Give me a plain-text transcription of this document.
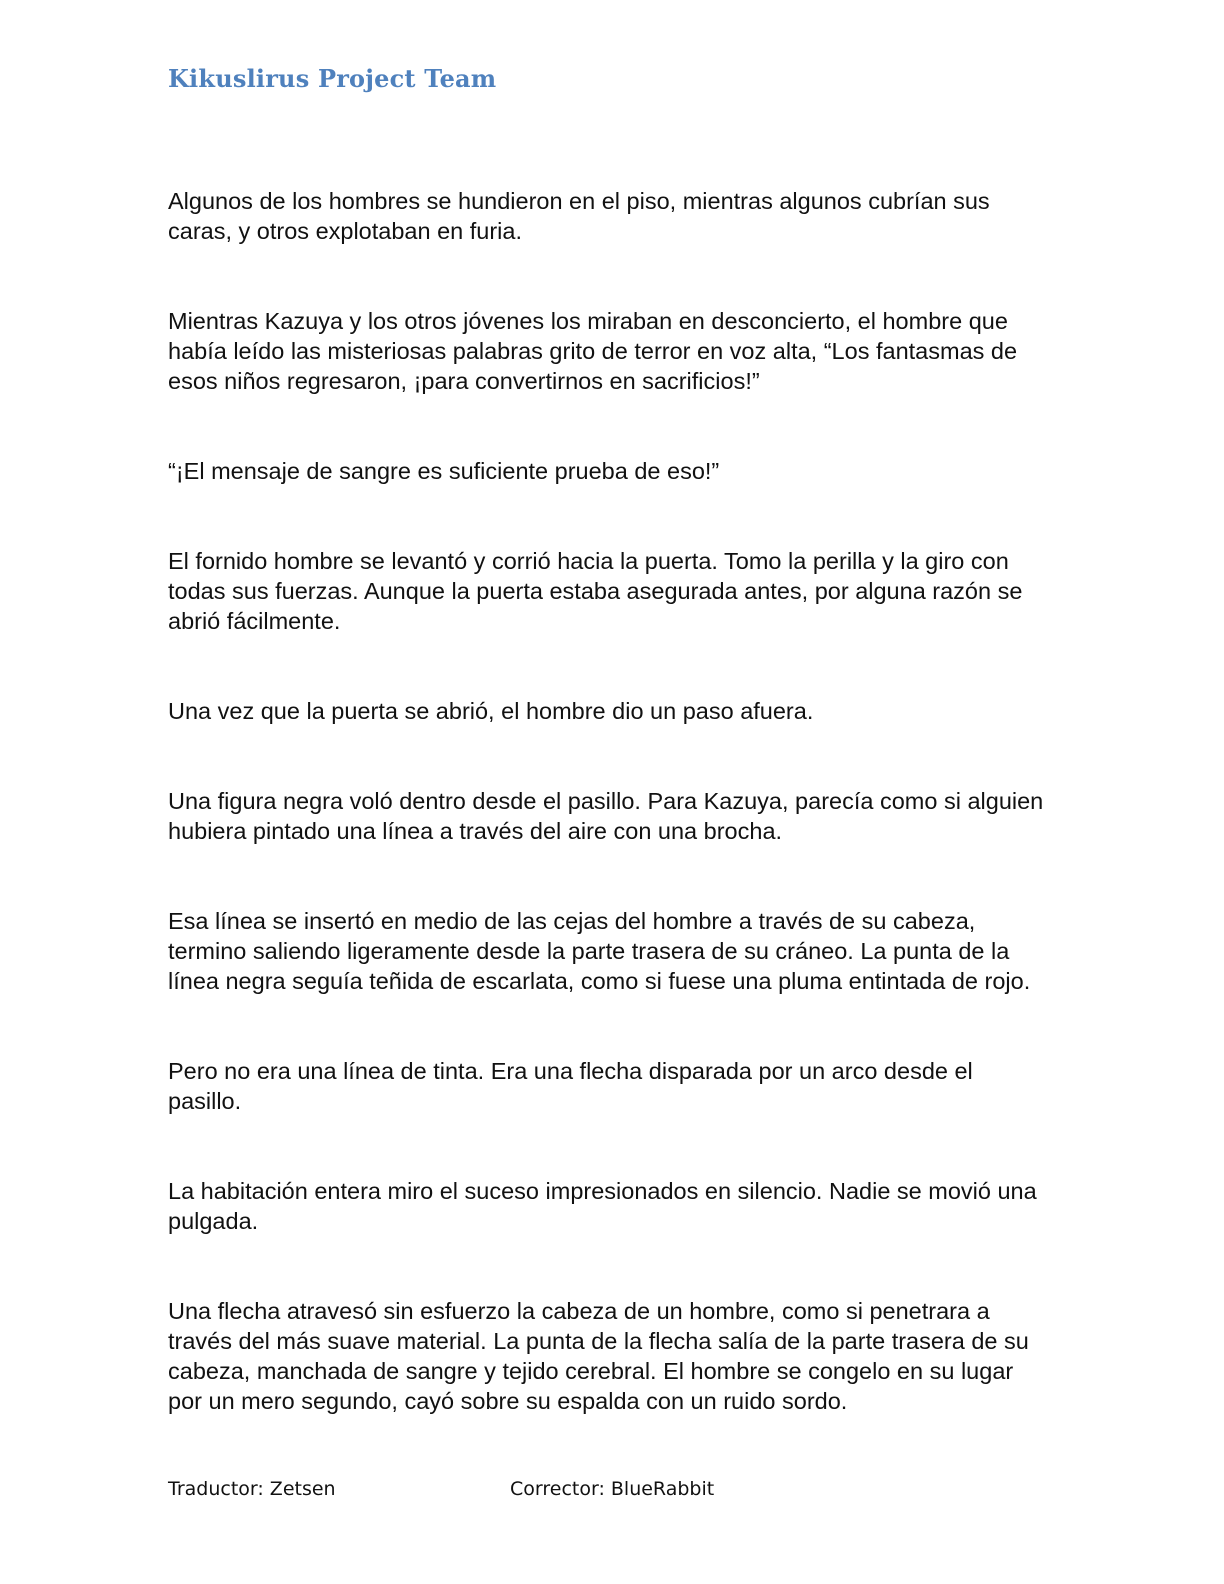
Kikuslirus Project Team

Algunos de los hombres se hundieron en el piso, mientras algunos cubrían sus caras, y otros explotaban en furia.

Mientras Kazuya y los otros jóvenes los miraban en desconcierto, el hombre que había leído las misteriosas palabras grito de terror en voz alta, “Los fantasmas de esos niños regresaron, ¡para convertirnos en sacrificios!”

“¡El mensaje de sangre es suficiente prueba de eso!”

El fornido hombre se levantó y corrió hacia la puerta. Tomo la perilla y la giro con todas sus fuerzas. Aunque la puerta estaba asegurada antes, por alguna razón se abrió fácilmente.

Una vez que la puerta se abrió, el hombre dio un paso afuera.

Una figura negra voló dentro desde el pasillo. Para Kazuya, parecía como si alguien hubiera pintado una línea a través del aire con una brocha.

Esa línea se insertó en medio de las cejas del hombre a través de su cabeza, termino saliendo ligeramente desde la parte trasera de su cráneo. La punta de la línea negra seguía teñida de escarlata, como si fuese una pluma entintada de rojo.

Pero no era una línea de tinta. Era una flecha disparada por un arco desde el pasillo.

La habitación entera miro el suceso impresionados en silencio. Nadie se movió una pulgada.

Una flecha atravesó sin esfuerzo la cabeza de un hombre, como si penetrara a través del más suave material. La punta de la flecha salía de la parte trasera de su cabeza, manchada de sangre y tejido cerebral. El hombre se congelo en su lugar por un mero segundo, cayó sobre su espalda con un ruido sordo.

Traductor: Zetsen	Corrector: BlueRabbit
